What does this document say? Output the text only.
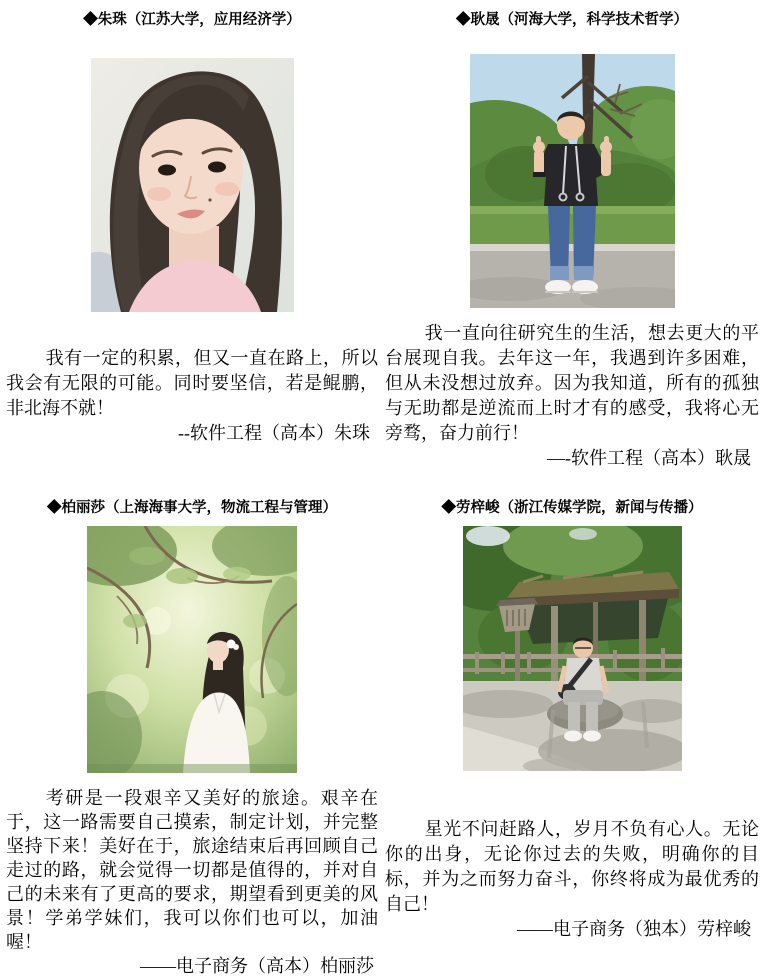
◆朱珠（江苏大学，应用经济学）

我有一定的积累，但又一直在路上，所以我会有无限的可能。同时要坚信，若是鲲鹏，非北海不就！

--软件工程（高本）朱珠

◆耿晟（河海大学，科学技术哲学）

我一直向往研究生的生活，想去更大的平台展现自我。去年这一年，我遇到许多困难，但从未没想过放弃。因为我知道，所有的孤独与无助都是逆流而上时才有的感受，我将心无旁骛，奋力前行！

—-软件工程（高本）耿晟

◆柏丽莎（上海海事大学，物流工程与管理）

考研是一段艰辛又美好的旅途。艰辛在于，这一路需要自己摸索，制定计划，并完整坚持下来！美好在于，旅途结束后再回顾自己走过的路，就会觉得一切都是值得的，并对自己的未来有了更高的要求，期望看到更美的风景！学弟学妹们，我可以你们也可以，加油喔！

——电子商务（高本）柏丽莎

◆劳梓峻（浙江传媒学院，新闻与传播）

星光不问赶路人，岁月不负有心人。无论你的出身，无论你过去的失败，明确你的目标，并为之而努力奋斗，你终将成为最优秀的自己！

——电子商务（独本）劳梓峻
